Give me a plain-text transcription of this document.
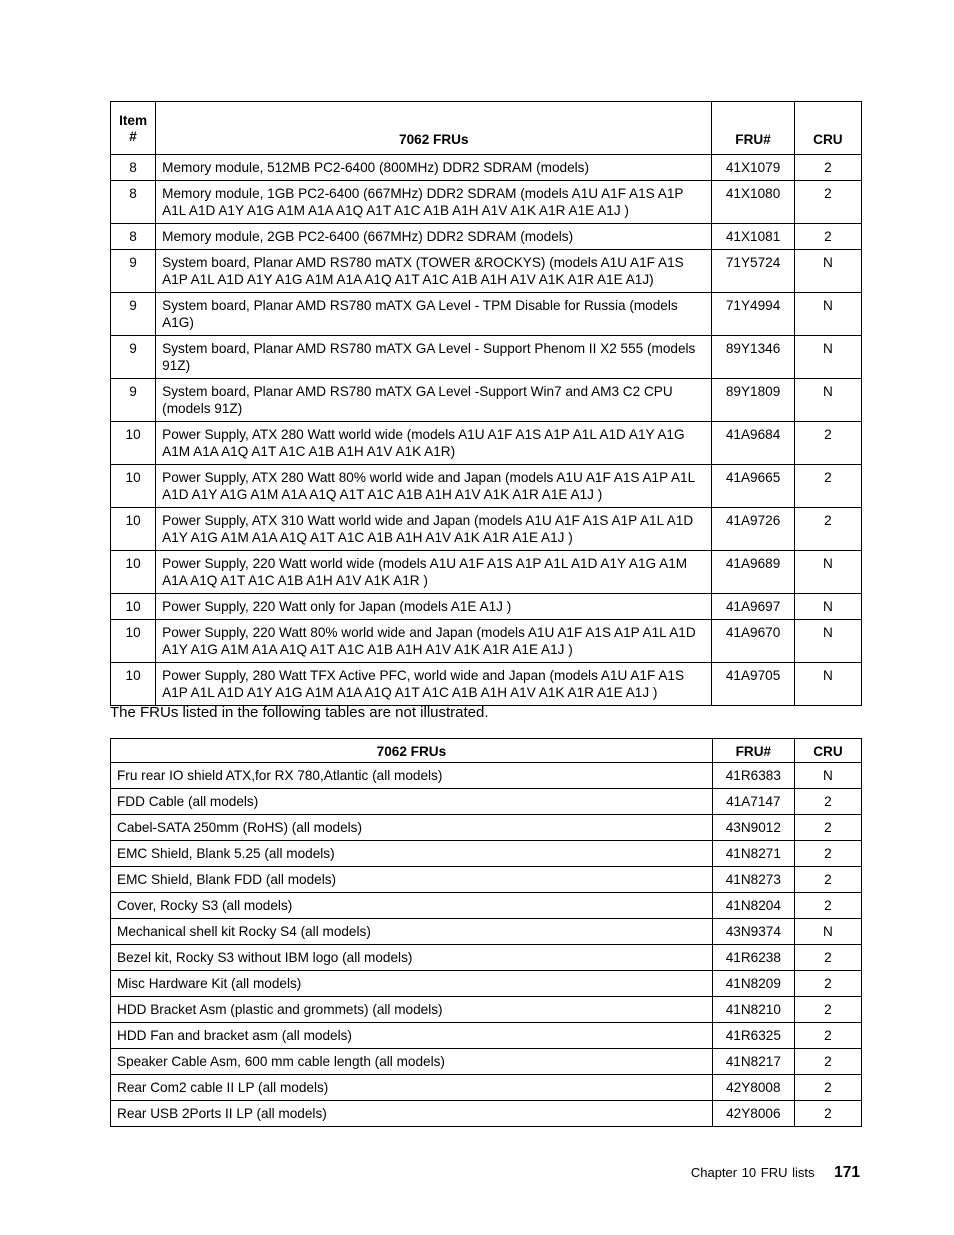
Item
#	7062 FRUs	FRU#	CRU
8	Memory module, 512MB PC2-6400 (800MHz) DDR2 SDRAM (models)	41X1079	2
8	Memory module, 1GB PC2-6400 (667MHz) DDR2 SDRAM (models A1U A1F A1S A1P A1L A1D A1Y A1G A1M A1A A1Q A1T A1C A1B A1H A1V A1K A1R A1E A1J )	41X1080	2
8	Memory module, 2GB PC2-6400 (667MHz) DDR2 SDRAM (models)	41X1081	2
9	System board, Planar AMD RS780 mATX (TOWER &ROCKYS) (models A1U A1F A1S A1P A1L A1D A1Y A1G A1M A1A A1Q A1T A1C A1B A1H A1V A1K A1R A1E A1J)	71Y5724	N
9	System board, Planar AMD RS780 mATX GA Level - TPM Disable for Russia (models A1G)	71Y4994	N
9	System board, Planar AMD RS780 mATX GA Level - Support Phenom II X2 555 (models 91Z)	89Y1346	N
9	System board, Planar AMD RS780 mATX GA Level -Support Win7 and AM3 C2 CPU (models 91Z)	89Y1809	N
10	Power Supply, ATX 280 Watt world wide (models A1U A1F A1S A1P A1L A1D A1Y A1G A1M A1A A1Q A1T A1C A1B A1H A1V A1K A1R)	41A9684	2
10	Power Supply, ATX 280 Watt 80% world wide and Japan (models A1U A1F A1S A1P A1L A1D A1Y A1G A1M A1A A1Q A1T A1C A1B A1H A1V A1K A1R A1E A1J )	41A9665	2
10	Power Supply, ATX 310 Watt world wide and Japan (models A1U A1F A1S A1P A1L A1D A1Y A1G A1M A1A A1Q A1T A1C A1B A1H A1V A1K A1R A1E A1J )	41A9726	2
10	Power Supply, 220 Watt world wide (models A1U A1F A1S A1P A1L A1D A1Y A1G A1M A1A A1Q A1T A1C A1B A1H A1V A1K A1R )	41A9689	N
10	Power Supply, 220 Watt only for Japan (models A1E A1J )	41A9697	N
10	Power Supply, 220 Watt 80% world wide and Japan (models A1U A1F A1S A1P A1L A1D A1Y A1G A1M A1A A1Q A1T A1C A1B A1H A1V A1K A1R A1E A1J )	41A9670	N
10	Power Supply, 280 Watt TFX Active PFC, world wide and Japan (models A1U A1F A1S A1P A1L A1D A1Y A1G A1M A1A A1Q A1T A1C A1B A1H A1V A1K A1R A1E A1J )	41A9705	N
The FRUs listed in the following tables are not illustrated.
7062 FRUs	FRU#	CRU
Fru rear IO shield ATX,for RX 780,Atlantic (all models)	41R6383	N
FDD Cable (all models)	41A7147	2
Cabel-SATA 250mm (RoHS) (all models)	43N9012	2
EMC Shield, Blank 5.25 (all models)	41N8271	2
EMC Shield, Blank FDD (all models)	41N8273	2
Cover, Rocky S3 (all models)	41N8204	2
Mechanical shell kit Rocky S4 (all models)	43N9374	N
Bezel kit, Rocky S3 without IBM logo (all models)	41R6238	2
Misc Hardware Kit (all models)	41N8209	2
HDD Bracket Asm (plastic and grommets) (all models)	41N8210	2
HDD Fan and bracket asm (all models)	41R6325	2
Speaker Cable Asm, 600 mm cable length (all models)	41N8217	2
Rear Com2 cable II LP (all models)	42Y8008	2
Rear USB 2Ports II LP (all models)	42Y8006	2
Chapter 10 FRU lists 171
